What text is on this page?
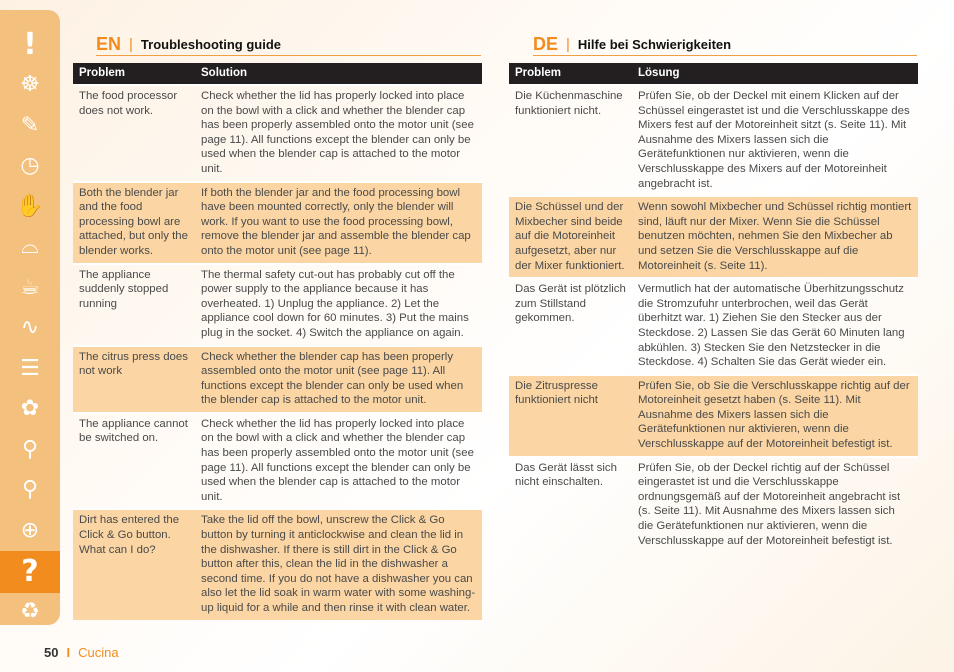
!
☸
✎
◷
✋
⌓
☕
∿
☰
✿
⚲
⚲
⊕
?
♻
EN | Troubleshooting guide	DE | Hilfe bei Schwierigkeiten
Problem	Solution
The food processor does not work.	Check whether the lid has properly locked into place on the bowl with a click and whether the blender cap has been properly assembled onto the motor unit (see page 11). All functions except the blender can only be used when the blender cap is attached to the motor unit.
Both the blender jar and the food processing bowl are attached, but only the blender works.	If both the blender jar and the food processing bowl have been mounted correctly, only the blender will work. If you want to use the food processing bowl, remove the blender jar and assemble the blender cap onto the motor unit (see page 11).
The appliance suddenly stopped running	The thermal safety cut-out has probably cut off the power supply to the appliance because it has overheated. 1) Unplug the appliance. 2) Let the appliance cool down for 60 minutes. 3) Put the mains plug in the socket. 4) Switch the appliance on again.
The citrus press does not work	Check whether the blender cap has been properly assembled onto the motor unit (see page 11). All functions except the blender can only be used when the blender cap is attached to the motor unit.
The appliance cannot be switched on.	Check whether the lid has properly locked into place on the bowl with a click and whether the blender cap has been properly assembled onto the motor unit (see page 11). All functions except the blender can only be used when the blender cap is attached to the motor unit.
Dirt has entered the Click & Go button. What can I do?	Take the lid off the bowl, unscrew the Click & Go button by turning it anticlockwise and clean the lid in the dishwasher. If there is still dirt in the Click & Go button after this, clean the lid in the dishwasher a second time. If you do not have a dishwasher you can also let the lid soak in warm water with some washing-up liquid for a while and then rinse it with clean water.
Problem	Lösung
Die Küchenmaschine funktioniert nicht.	Prüfen Sie, ob der Deckel mit einem Klicken auf der Schüssel eingerastet ist und die Verschlusskappe des Mixers fest auf der Motoreinheit sitzt (s. Seite 11). Mit Ausnahme des Mixers lassen sich die Gerätefunktionen nur aktivieren, wenn die Verschlusskappe des Mixers auf der Motoreinheit angebracht ist.
Die Schüssel und der Mixbecher sind beide auf die Motoreinheit aufgesetzt, aber nur der Mixer funktioniert.	Wenn sowohl Mixbecher und Schüssel richtig montiert sind, läuft nur der Mixer. Wenn Sie die Schüssel benutzen möchten, nehmen Sie den Mixbecher ab und setzen Sie die Verschlusskappe auf die Motoreinheit (s. Seite 11).
Das Gerät ist plötzlich zum Stillstand gekommen.	Vermutlich hat der automatische Überhitzungsschutz die Stromzufuhr unterbrochen, weil das Gerät überhitzt war. 1) Ziehen Sie den Stecker aus der Steckdose. 2) Lassen Sie das Gerät 60 Minuten lang abkühlen. 3) Stecken Sie den Netzstecker in die Steckdose. 4) Schalten Sie das Gerät wieder ein.
Die Zitruspresse funktioniert nicht	Prüfen Sie, ob Sie die Verschlusskappe richtig auf der Motoreinheit gesetzt haben (s. Seite 11). Mit Ausnahme des Mixers lassen sich die Gerätefunktionen nur aktivieren, wenn die Verschlusskappe auf der Motoreinheit befestigt ist.
Das Gerät lässt sich nicht einschalten.	Prüfen Sie, ob der Deckel richtig auf der Schüssel eingerastet ist und die Verschlusskappe ordnungsgemäß auf der Motoreinheit angebracht ist (s. Seite 11). Mit Ausnahme des Mixers lassen sich die Gerätefunktionen nur aktivieren, wenn die Verschlusskappe auf der Motoreinheit befestigt ist.
50 I Cucina
